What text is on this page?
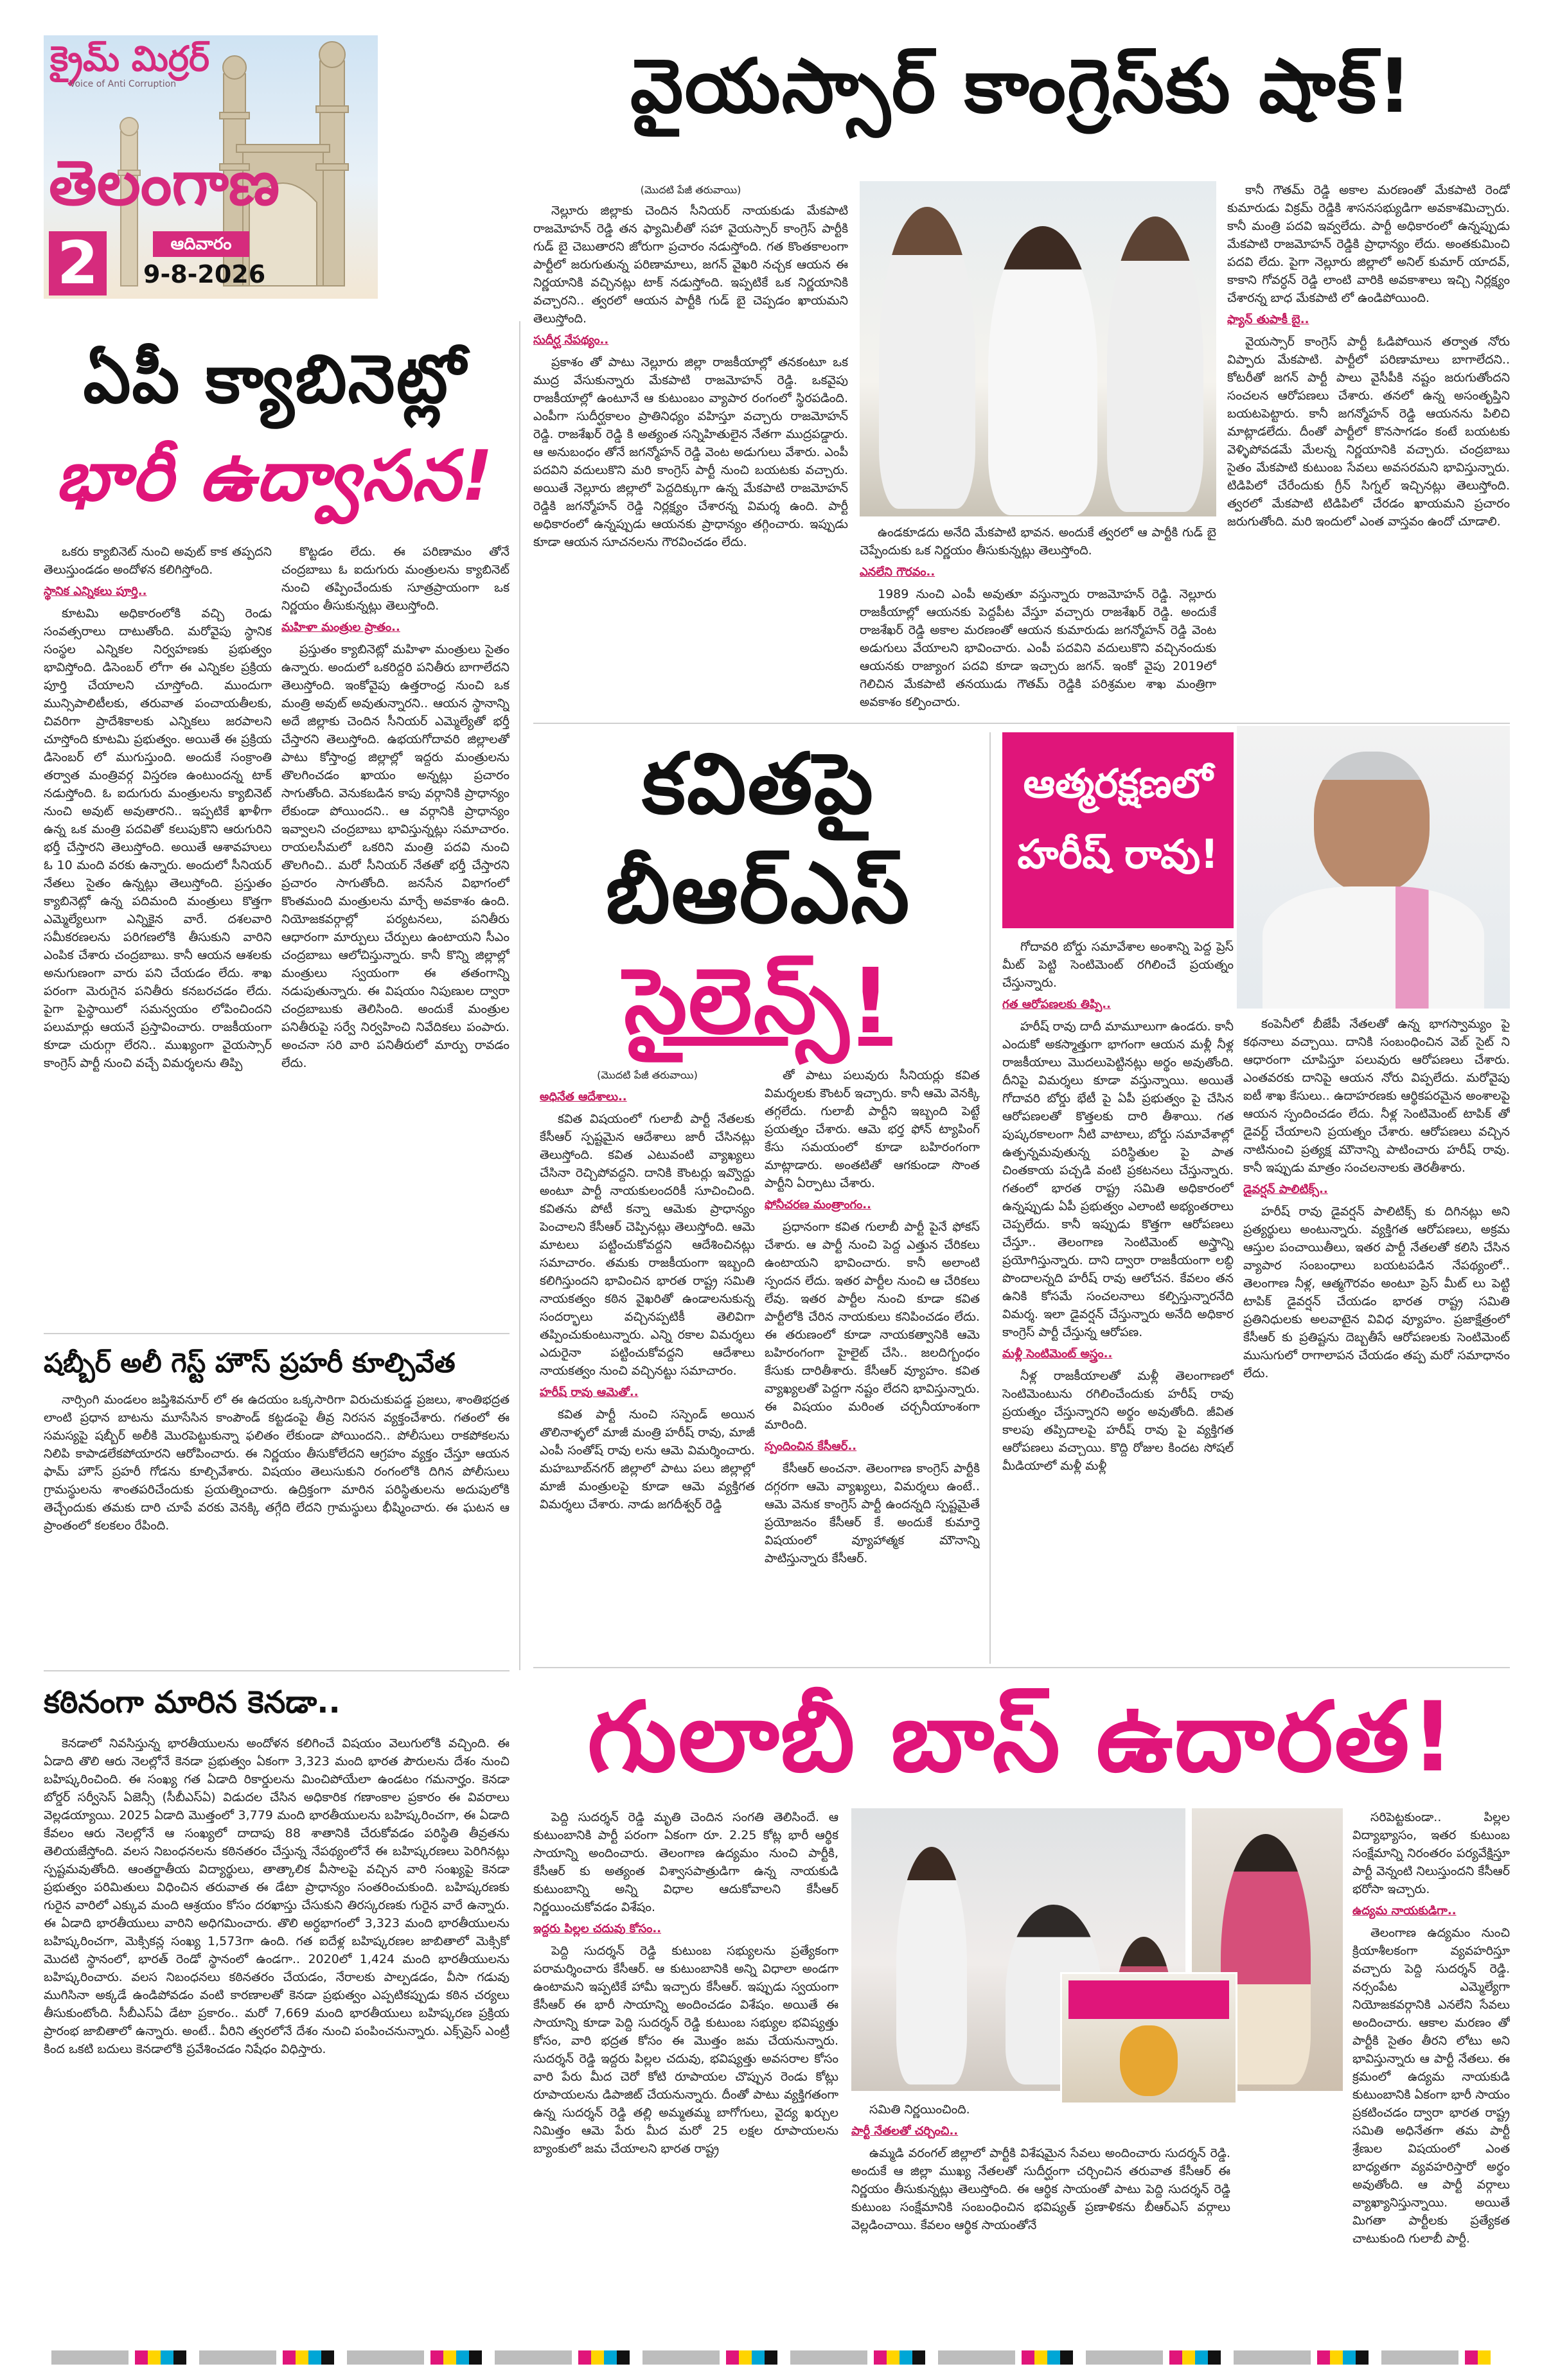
క్రైమ్ మిర్రర్
Voice of Anti Corruption
తెలంగాణ
2	ఆదివారం
9-8-2026
వైయస్సార్ కాంగ్రెస్‌కు షాక్!

(మొదటి పేజీ తరువాయి)

నెల్లూరు జిల్లాకు చెందిన సీనియర్ నాయకుడు మేకపాటి రాజమోహన్ రెడ్డి తన ఫ్యామిలీతో సహా వైయస్సార్ కాంగ్రెస్ పార్టీకి గుడ్ బై చెబుతారని జోరుగా ప్రచారం నడుస్తోంది. గత కొంతకాలంగా పార్టీలో జరుగుతున్న పరిణామాలు, జగన్ వైఖరి నచ్చక ఆయన ఈ నిర్ణయానికి వచ్చినట్లు టాక్ నడుస్తోంది. ఇప్పటికే ఒక నిర్ణయానికి వచ్చారని.. త్వరలో ఆయన పార్టీకి గుడ్ బై చెప్పడం ఖాయమని తెలుస్తోంది.

సుదీర్ఘ నేపథ్యం..

ప్రకాశం తో పాటు నెల్లూరు జిల్లా రాజకీయాల్లో తనకంటూ ఒక ముద్ర వేసుకున్నారు మేకపాటి రాజమోహన్ రెడ్డి. ఒకవైపు రాజకీయాల్లో ఉంటూనే ఆ కుటుంబం వ్యాపార రంగంలో స్థిరపడింది. ఎంపీగా సుదీర్ఘకాలం ప్రాతినిధ్యం వహిస్తూ వచ్చారు రాజమోహన్ రెడ్డి. రాజశేఖర్ రెడ్డి కి అత్యంత సన్నిహితులైన నేతగా ముద్రపడ్డారు. ఆ అనుబంధం తోనే జగన్మోహన్ రెడ్డి వెంట అడుగులు వేశారు. ఎంపీ పదవిని వదులుకొని మరి కాంగ్రెస్ పార్టీ నుంచి బయటకు వచ్చారు. అయితే నెల్లూరు జిల్లాలో పెద్దదిక్కుగా ఉన్న మేకపాటి రాజమోహన్ రెడ్డికి జగన్మోహన్ రెడ్డి నిర్లక్ష్యం చేశారన్న విమర్శ ఉంది. పార్టీ అధికారంలో ఉన్నప్పుడు ఆయనకు ప్రాధాన్యం తగ్గించారు. ఇప్పుడు కూడా ఆయన సూచనలను గౌరవించడం లేదు.

ఉండకూడదు అనేది మేకపాటి భావన. అందుకే త్వరలో ఆ పార్టీకి గుడ్ బై చెప్పేందుకు ఒక నిర్ణయం తీసుకున్నట్లు తెలుస్తోంది.

ఎనలేని గౌరవం..

1989 నుంచి ఎంపీ అవుతూ వస్తున్నారు రాజమోహన్ రెడ్డి. నెల్లూరు రాజకీయాల్లో ఆయనకు పెద్దపీట వేస్తూ వచ్చారు రాజశేఖర్ రెడ్డి. అందుకే రాజశేఖర్ రెడ్డి అకాల మరణంతో ఆయన కుమారుడు జగన్మోహన్ రెడ్డి వెంట అడుగులు వేయాలని భావించారు. ఎంపీ పదవిని వదులుకొని వచ్చినందుకు ఆయనకు రాజ్యాంగ పదవి కూడా ఇచ్చారు జగన్. ఇంకో వైపు 2019లో గెలిచిన మేకపాటి తనయుడు గౌతమ్ రెడ్డికి పరిశ్రమల శాఖ మంత్రిగా అవకాశం కల్పించారు.

కానీ గౌతమ్ రెడ్డి అకాల మరణంతో మేకపాటి రెండో కుమారుడు విక్రమ్ రెడ్డికి శాసనసభ్యుడిగా అవకాశమిచ్చారు. కానీ మంత్రి పదవి ఇవ్వలేదు. పార్టీ అధికారంలో ఉన్నప్పుడు మేకపాటి రాజమోహన్ రెడ్డికి ప్రాధాన్యం లేదు. అంతకుమించి పదవి లేదు. పైగా నెల్లూరు జిల్లాలో అనిల్ కుమార్ యాదవ్, కాకాని గోవర్ధన్ రెడ్డి లాంటి వారికి అవకాశాలు ఇచ్చి నిర్లక్ష్యం చేశారన్న బాధ మేకపాటి లో ఉండిపోయింది.

ఫ్యాన్ తుపాకీ బై..

వైయస్సార్ కాంగ్రెస్ పార్టీ ఓడిపోయిన తర్వాత నోరు విప్పారు మేకపాటి. పార్టీలో పరిణామాలు బాగాలేదని.. కోటరీతో జగన్ పార్టీ పాలు వైసీపీకి నష్టం జరుగుతోందని సంచలన ఆరోపణలు చేశారు. తనలో ఉన్న అసంతృప్తిని బయటపెట్టారు. కానీ జగన్మోహన్ రెడ్డి ఆయనను పిలిచి మాట్లాడలేదు. దీంతో పార్టీలో కొనసాగడం కంటే బయటకు వెళ్ళిపోవడమే మేలన్న నిర్ణయానికి వచ్చారు. చంద్రబాబు సైతం మేకపాటి కుటుంబ సేవలు అవసరమని భావిస్తున్నారు. టిడిపిలో చేరేందుకు గ్రీన్ సిగ్నల్ ఇచ్చినట్లు తెలుస్తోంది. త్వరలో మేకపాటి టిడిపిలో చేరడం ఖాయమని ప్రచారం జరుగుతోంది. మరి ఇందులో ఎంత వాస్తవం ఉందో చూడాలి.

ఏపీ క్యాబినెట్లో
భారీ ఉద్వాసన!

ఒకరు క్యాబినెట్ నుంచి అవుట్ కాక తప్పదని తెలుస్తుండడం అందోళన కలిగిస్తోంది.

స్థానిక ఎన్నికలు పూర్తి..

కూటమి అధికారంలోకి వచ్చి రెండు సంవత్సరాలు దాటుతోంది. మరోవైపు స్థానిక సంస్థల ఎన్నికల నిర్వహణకు ప్రభుత్వం భావిస్తోంది. డిసెంబర్ లోగా ఈ ఎన్నికల ప్రక్రియ పూర్తి చేయాలని చూస్తోంది. ముందుగా మున్సిపాలిటీలకు, తరువాత పంచాయతీలకు, చివరిగా ప్రాదేశికాలకు ఎన్నికలు జరపాలని చూస్తోంది కూటమి ప్రభుత్వం. అయితే ఈ ప్రక్రియ డిసెంబర్ లో ముగుస్తుంది. అందుకే సంక్రాంతి తర్వాత మంత్రివర్గ విస్తరణ ఉంటుందన్న టాక్ నడుస్తోంది. ఓ ఐదుగురు మంత్రులను క్యాబినెట్ నుంచి అవుట్ అవుతారని.. ఇప్పటికే ఖాళీగా ఉన్న ఒక మంత్రి పదవితో కలుపుకొని ఆరుగురిని భర్తీ చేస్తారని తెలుస్తోంది. అయితే ఆశావహులు ఓ 10 మంది వరకు ఉన్నారు. అందులో సీనియర్ నేతలు సైతం ఉన్నట్లు తెలుస్తోంది. ప్రస్తుతం క్యాబినెట్లో ఉన్న పదిమంది మంత్రులు కొత్తగా ఎమ్మెల్యేలుగా ఎన్నికైన వారే. దశలవారి సమీకరణలను పరిగణలోకి తీసుకుని వారిని ఎంపిక చేశారు చంద్రబాబు. కానీ ఆయన ఆశలకు అనుగుణంగా వారు పని చేయడం లేదు. శాఖ పరంగా మెరుగైన పనితీరు కనబరచడం లేదు. పైగా పైస్థాయిలో సమన్వయం లోపించిందని పలుమార్లు ఆయనే ప్రస్తావించారు. రాజకీయంగా కూడా చురుగ్గా లేరని.. ముఖ్యంగా వైయస్సార్ కాంగ్రెస్ పార్టీ నుంచి వచ్చే విమర్శలను తిప్పి

కొట్టడం లేదు. ఈ పరిణామం తోనే చంద్రబాబు ఓ ఐదుగురు మంత్రులను క్యాబినెట్ నుంచి తప్పించేందుకు సూత్రప్రాయంగా ఒక నిర్ణయం తీసుకున్నట్లు తెలుస్తోంది.

మహిళా మంత్రుల ప్రాతం..

ప్రస్తుతం క్యాబినెట్లో మహిళా మంత్రులు సైతం ఉన్నారు. అందులో ఒకరిద్దరి పనితీరు బాగాలేదని తెలుస్తోంది. ఇంకోవైపు ఉత్తరాంధ్ర నుంచి ఒక మంత్రి అవుట్ అవుతున్నారని.. ఆయన స్థానాన్ని అదే జిల్లాకు చెందిన సీనియర్ ఎమ్మెల్యేతో భర్తీ చేస్తారని తెలుస్తోంది. ఉభయగోదావరి జిల్లాలతో పాటు కోస్తాంధ్ర జిల్లాల్లో ఇద్దరు మంత్రులను తొలగించడం ఖాయం అన్నట్లు ప్రచారం సాగుతోంది. వెనుకబడిన కాపు వర్గానికి ప్రాధాన్యం లేకుండా పోయిందని.. ఆ వర్గానికి ప్రాధాన్యం ఇవ్వాలని చంద్రబాబు భావిస్తున్నట్లు సమాచారం. రాయలసీమలో ఒకరిని మంత్రి పదవి నుంచి తొలగించి.. మరో సీనియర్ నేతతో భర్తీ చేస్తారని ప్రచారం సాగుతోంది. జనసేన విభాగంలో కొంతమంది మంత్రులను మార్చే అవకాశం ఉంది. నియోజకవర్గాల్లో పర్యటనలు, పనితీరు ఆధారంగా మార్పులు చేర్పులు ఉంటాయని సీఎం చంద్రబాబు ఆలోచిస్తున్నారు. కానీ కొన్ని జిల్లాల్లో మంత్రులు స్వయంగా ఈ తతంగాన్ని నడుపుతున్నారు. ఈ విషయం నిపుణుల ద్వారా చంద్రబాబుకు తెలిసింది. అందుకే మంత్రుల పనితీరుపై సర్వే నిర్వహించి నివేదికలు పంపారు. అంచనా సరి వారి పనితీరులో మార్పు రావడం లేదు.

షబ్బీర్ అలీ గెస్ట్ హౌస్ ప్రహరీ కూల్చివేత

నార్సింగి మండలం జప్తిశివనూర్ లో ఈ ఉదయం ఒక్కసారిగా విరుచుకుపడ్డ ప్రజలు, శాంతిభద్రత లాంటి ప్రధాన బాటను మూసేసిన కాంపౌండ్ కట్టడంపై తీవ్ర నిరసన వ్యక్తంచేశారు. గతంలో ఈ సమస్యపై షబ్బీర్ అలీకి మొరపెట్టుకున్నా ఫలితం లేకుండా పోయిందని.. పోలీసులు రాకపోకలను నిలిపి కాపాడలేకపోయారని ఆరోపించారు. ఈ నిర్ణయం తీసుకోలేదని ఆగ్రహం వ్యక్తం చేస్తూ ఆయన ఫామ్ హౌస్ ప్రహరీ గోడను కూల్చివేశారు. విషయం తెలుసుకుని రంగంలోకి దిగిన పోలీసులు గ్రామస్థులను శాంతపరిచేందుకు ప్రయత్నించారు. ఉద్రిక్తంగా మారిన పరిస్థితులను అదుపులోకి తెచ్చేందుకు తమకు దారి చూపే వరకు వెనక్కి తగ్గేది లేదని గ్రామస్థులు భీష్మించారు. ఈ ఘటన ఆ ప్రాంతంలో కలకలం రేపింది.

కఠినంగా మారిన కెనడా..

కెనడాలో నివసిస్తున్న భారతీయులను అందోళన కలిగించే విషయం వెలుగులోకి వచ్చింది. ఈ ఏడాది తొలి ఆరు నెలల్లోనే కెనడా ప్రభుత్వం ఏకంగా 3,323 మంది భారత పౌరులను దేశం నుంచి బహిష్కరించింది. ఈ సంఖ్య గత ఏడాది రికార్డులను మించిపోయేలా ఉండటం గమనార్హం. కెనడా బోర్డర్ సర్వీసెస్ ఏజెన్సీ (సీబీఎస్ఏ) విడుదల చేసిన అధికారిక గణాంకాల ప్రకారం ఈ వివరాలు వెల్లడయ్యాయి. 2025 ఏడాది మొత్తంలో 3,779 మంది భారతీయులను బహిష్కరించగా, ఈ ఏడాది కేవలం ఆరు నెలల్లోనే ఆ సంఖ్యలో దాదాపు 88 శాతానికి చేరుకోవడం పరిస్థితి తీవ్రతను తెలియజేస్తోంది. వలస నిబంధనలను కఠినతరం చేస్తున్న నేపథ్యంలోనే ఈ బహిష్కరణలు పెరిగినట్లు స్పష్టమవుతోంది. ఆంతర్జాతీయ విద్యార్థులు, తాత్కాలిక వీసాలపై వచ్చిన వారి సంఖ్యపై కెనడా ప్రభుత్వం పరిమితులు విధించిన తరువాత ఈ డేటా ప్రాధాన్యం సంతరించుకుంది. బహిష్కరణకు గురైన వారిలో ఎక్కువ మంది ఆశ్రయం కోసం దరఖాస్తు చేసుకుని తిరస్కరణకు గురైన వారే ఉన్నారు. ఈ ఏడాది భారతీయులు వారిని అధిగమించారు. తొలి అర్ధభాగంలో 3,323 మంది భారతీయులను బహిష్కరించగా, మెక్సికన్ల సంఖ్య 1,573గా ఉంది. గత ఐదేళ్ల బహిష్కరణల జాబితాలో మెక్సికో మొదటి స్థానంలో, భారత్ రెండో స్థానంలో ఉండగా.. 2020లో 1,424 మంది భారతీయులను బహిష్కరించారు. వలస నిబంధనలు కఠినతరం చేయడం, నేరాలకు పాల్పడడం, వీసా గడువు ముగిసినా అక్కడే ఉండిపోవడం వంటి కారణాలతో కెనడా ప్రభుత్వం ఎప్పటికప్పుడు కఠిన చర్యలు తీసుకుంటోంది. సీబీఎస్ఏ డేటా ప్రకారం.. మరో 7,669 మంది భారతీయులు బహిష్కరణ ప్రక్రియ ప్రారంభ జాబితాలో ఉన్నారు. అంటే.. వీరిని త్వరలోనే దేశం నుంచి పంపించనున్నారు. ఎక్స్‌ప్రెస్ ఎంట్రీ కింద ఒకటి బదులు కెనడాలోకి ప్రవేశించడం నిషేధం విధిస్తారు.

కవితపై
బీఆర్ఎస్
సైలెన్స్!

(మొదటి పేజీ తరువాయి)

అధినేత ఆదేశాలు..

కవిత విషయంలో గులాబీ పార్టీ నేతలకు కేసీఆర్ స్పష్టమైన ఆదేశాలు జారీ చేసినట్లు తెలుస్తోంది. కవిత ఎటువంటి వ్యాఖ్యలు చేసినా రెచ్చిపోవద్దని. దానికి కౌంటర్లు ఇవ్వొద్దు అంటూ పార్టీ నాయకులందరికీ సూచించింది. కవితను పోటీ కన్నా ఆమెకు ప్రాధాన్యం పెంచాలని కేసీఆర్ చెప్పినట్లు తెలుస్తోంది. ఆమె మాటలు పట్టించుకోవద్దని ఆదేశించినట్లు సమాచారం. తమకు రాజకీయంగా ఇబ్బంది కలిగిస్తుందని భావించిన భారత రాష్ట్ర సమితి నాయకత్వం కఠిన వైఖరితో ఉండాలనుకున్న సందర్భాలు వచ్చినప్పటికీ తెలివిగా తప్పించుకుంటున్నారు. ఎన్ని రకాల విమర్శలు ఎదురైనా పట్టించుకోవద్దని ఆదేశాలు నాయకత్వం నుంచి వచ్చినట్టు సమాచారం.

హరీష్ రావు ఆమెతో..

కవిత పార్టీ నుంచి సస్పెండ్ అయిన తొలినాళ్ళలో మాజీ మంత్రి హరీష్ రావు, మాజీ ఎంపీ సంతోష్ రావు లను ఆమె విమర్శించారు. మహబూబ్‌నగర్ జిల్లాలో పాటు పలు జిల్లాల్లో మాజీ మంత్రులపై కూడా ఆమె వ్యక్తిగత విమర్శలు చేశారు. నాడు జగదీశ్వర్ రెడ్డి

తో పాటు పలువురు సీనియర్లు కవిత విమర్శలకు కౌంటర్ ఇచ్చారు. కానీ ఆమె వెనక్కి తగ్గలేదు. గులాబీ పార్టీని ఇబ్బంది పెట్టే ప్రయత్నం చేశారు. ఆమె భర్త ఫోన్ ట్యాపింగ్ కేసు సమయంలో కూడా బహిరంగంగా మాట్లాడారు. అంతటితో ఆగకుండా సొంత పార్టీని ఏర్పాటు చేశారు.

ఫోనీచరణ మంత్రాంగం..

ప్రధానంగా కవిత గులాబీ పార్టీ పైనే ఫోకస్ చేశారు. ఆ పార్టీ నుంచి పెద్ద ఎత్తున చేరికలు ఉంటాయని భావించారు. కానీ అలాంటి స్పందన లేదు. ఇతర పార్టీల నుంచి ఆ చేరికలు లేవు. ఇతర పార్టీల నుంచి కూడా కవిత పార్టీలోకి చేరిన నాయకులు కనిపించడం లేదు. ఈ తరుణంలో కూడా నాయకత్వానికి ఆమె బహిరంగంగా హైలైట్ చేసి.. జలదిగ్బంధం కేసుకు దారితీశారు. కేసీఆర్ వ్యూహం. కవిత వ్యాఖ్యలతో పెద్దగా నష్టం లేదని భావిస్తున్నారు. ఈ విషయం మరింత చర్చనీయాంశంగా మారింది.

స్పందించిన కేసీఆర్..

కేసీఆర్ అంచనా. తెలంగాణ కాంగ్రెస్ పార్టీకి దగ్గరగా ఆమె వ్యాఖ్యలు, విమర్శలు ఉంటే.. ఆమె వెనుక కాంగ్రెస్ పార్టీ ఉందన్నది స్పష్టమైతే ప్రయోజనం కేసీఆర్ కే. అందుకే కుమార్తె విషయంలో వ్యూహాత్మక మౌనాన్ని పాటిస్తున్నారు కేసీఆర్.

ఆత్మరక్షణలో
హరీష్ రావు!

గోదావరి బోర్డు సమావేశాల అంశాన్ని పెద్ద ప్రెస్ మీట్ పెట్టి సెంటిమెంట్ రగిలించే ప్రయత్నం చేస్తున్నారు.

గత ఆరోపణలకు తిప్పి..

హరీష్ రావు దాదీ మామూలుగా ఉండరు. కానీ ఎందుకో అకస్మాత్తుగా భాగంగా ఆయన మళ్లీ నీళ్ల రాజకీయాలు మొదలుపెట్టినట్లు అర్థం అవుతోంది. దీనిపై విమర్శలు కూడా వస్తున్నాయి. అయితే గోదావరి బోర్డు భేటీ పై ఏపీ ప్రభుత్వం పై చేసిన ఆరోపణలతో కొత్తలకు దారి తీశాయి. గత పుష్కరకాలంగా నీటి వాటాలు, బోర్డు సమావేశాల్లో ఉత్పన్నమవుతున్న పరిస్థితుల పై పాత చింతకాయ పచ్చడి వంటి ప్రకటనలు చేస్తున్నారు. గతంలో భారత రాష్ట్ర సమితి అధికారంలో ఉన్నప్పుడు ఏపీ ప్రభుత్వం ఎలాంటి అభ్యంతరాలు చెప్పలేదు. కానీ ఇప్పుడు కొత్తగా ఆరోపణలు చేస్తూ.. తెలంగాణ సెంటిమెంట్ అస్త్రాన్ని ప్రయోగిస్తున్నారు. దాని ద్వారా రాజకీయంగా లబ్ధి పొందాలన్నది హరీష్ రావు ఆలోచన. కేవలం తన ఉనికి కోసమే సంచలనాలు కల్పిస్తున్నారనేది విమర్శ. ఇలా డైవర్షన్ చేస్తున్నారు అనేది అధికార కాంగ్రెస్ పార్టీ చేస్తున్న ఆరోపణ.

మళ్లీ సెంటిమెంట్ అస్త్రం..

నీళ్ల రాజకీయాలతో మళ్లీ తెలంగాణలో సెంటిమెంటును రగిలించేందుకు హరీష్ రావు ప్రయత్నం చేస్తున్నారని అర్థం అవుతోంది. జీవిత కాలపు తప్పిదాలపై హరీష్ రావు పై వ్యక్తిగత ఆరోపణలు వచ్చాయి. కొద్ది రోజుల కిందట సోషల్ మీడియాలో మళ్లీ మళ్లీ

కంపెనీలో బీజేపీ నేతలతో ఉన్న భాగస్వామ్యం పై కథనాలు వచ్చాయి. దానికి సంబంధించిన వెబ్ సైట్ ని ఆధారంగా చూపిస్తూ పలువురు ఆరోపణలు చేశారు. ఎంతవరకు దానిపై ఆయన నోరు విప్పలేదు. మరోవైపు ఐటీ శాఖ కేసులు.. ఉదాహరణకు ఆర్థికపరమైన అంశాలపై ఆయన స్పందించడం లేదు. నీళ్ల సెంటిమెంట్ టాపిక్ తో డైవర్ట్ చేయాలని ప్రయత్నం చేశారు. ఆరోపణలు వచ్చిన నాటినుంచి ప్రత్యక్ష మౌనాన్ని పాటించారు హరీష్ రావు. కానీ ఇప్పుడు మాత్రం సంచలనాలకు తెరతీశారు.

డైవర్షన్ పాలిటిక్స్..

హరీష్ రావు డైవర్షన్ పాలిటిక్స్ కు దిగినట్లు అని ప్రత్యర్థులు అంటున్నారు. వ్యక్తిగత ఆరోపణలు, అక్రమ ఆస్తుల పంచాయితీలు, ఇతర పార్టీ నేతలతో కలిసి చేసిన వ్యాపార సంబంధాలు బయటపడిన నేపథ్యంలో.. తెలంగాణ నీళ్ల, ఆత్మగౌరవం అంటూ ప్రెస్ మీట్ లు పెట్టి టాపిక్ డైవర్షన్ చేయడం భారత రాష్ట్ర సమితి ప్రతినిధులకు అలవాటైన వివిధ వ్యూహం. ప్రజాక్షేత్రంలో కేసీఆర్ కు ప్రతిష్టను దెబ్బతీసే ఆరోపణలకు సెంటిమెంట్ ముసుగులో రాగాలాపన చేయడం తప్ప మరో సమాధానం లేదు.

గులాబీ బాస్ ఉదారత!

పెద్ది సుదర్శన్ రెడ్డి మృతి చెందిన సంగతి తెలిసిందే. ఆ కుటుంబానికి పార్టీ పరంగా ఏకంగా రూ. 2.25 కోట్ల భారీ ఆర్థిక సాయాన్ని అందించారు. తెలంగాణ ఉద్యమం నుంచి పార్టీకి, కేసీఆర్ కు అత్యంత విశ్వాసపాత్రుడిగా ఉన్న నాయకుడి కుటుంబాన్ని అన్ని విధాల ఆదుకోవాలని కేసీఆర్ నిర్ణయించుకోవడం విశేషం.

ఇద్దరు పిల్లల చదువు కోసం..

పెద్ది సుదర్శన్ రెడ్డి కుటుంబ సభ్యులను ప్రత్యేకంగా పరామర్శించారు కేసీఆర్. ఆ కుటుంబానికి అన్ని విధాలా అండగా ఉంటామని ఇప్పటికే హామీ ఇచ్చారు కేసీఆర్. ఇప్పుడు స్వయంగా కేసీఆర్ ఈ భారీ సాయాన్ని అందించడం విశేషం. అయితే ఈ సాయాన్ని కూడా పెద్ది సుదర్శన్ రెడ్డి కుటుంబ సభ్యుల భవిష్యత్తు కోసం, వారి భద్రత కోసం ఈ మొత్తం జమ చేయనున్నారు. సుదర్శన్ రెడ్డి ఇద్దరు పిల్లల చదువు, భవిష్యత్తు అవసరాల కోసం వారి పేరు మీద చెరో కోటి రూపాయల చొప్పున రెండు కోట్లు రూపాయలను డిపాజిట్ చేయనున్నారు. దీంతో పాటు వ్యక్తిగతంగా ఉన్న సుదర్శన్ రెడ్డి తల్లి అమ్మతమ్మ బాగోగులు, వైద్య ఖర్చుల నిమిత్తం ఆమె పేరు మీద మరో 25 లక్షల రూపాయలను బ్యాంకులో జమ చేయాలని భారత రాష్ట్ర

సమితి నిర్ణయించింది.

పార్టీ నేతలతో చర్చించి..

ఉమ్మడి వరంగల్ జిల్లాలో పార్టీకి విశేషమైన సేవలు అందించారు సుదర్శన్ రెడ్డి. అందుకే ఆ జిల్లా ముఖ్య నేతలతో సుదీర్ఘంగా చర్చించిన తరువాత కేసీఆర్ ఈ నిర్ణయం తీసుకున్నట్లు తెలుస్తోంది. ఈ ఆర్థిక సాయంతో పాటు పెద్ది సుదర్శన్ రెడ్డి కుటుంబ సంక్షేమానికి సంబంధించిన భవిష్యత్ ప్రణాళికను బీఆర్ఎస్ వర్గాలు వెల్లడించాయి. కేవలం ఆర్థిక సాయంతోనే

సరిపెట్టకుండా.. పిల్లల విద్యాభ్యాసం, ఇతర కుటుంబ సంక్షేమాన్ని నిరంతరం పర్యవేక్షిస్తూ పార్టీ వెన్నంటి నిలుస్తుందని కేసీఆర్ భరోసా ఇచ్చారు.

ఉద్యమ నాయకుడిగా..

తెలంగాణ ఉద్యమం నుంచి క్రియాశీలకంగా వ్యవహరిస్తూ వచ్చారు పెద్ది సుదర్శన్ రెడ్డి. నర్సంపేట ఎమ్మెల్యేగా నియోజకవర్గానికి ఎనలేని సేవలు అందించారు. ఆకాల మరణం తో పార్టీకి సైతం తీరని లోటు అని భావిస్తున్నారు ఆ పార్టీ నేతలు. ఈ క్రమంలో ఉద్యమ నాయకుడి కుటుంబానికి ఏకంగా భారీ సాయం ప్రకటించడం ద్వారా భారత రాష్ట్ర సమితి అధినేతగా తమ పార్టీ శ్రేణుల విషయంలో ఎంత బాధ్యతగా వ్యవహరిస్తారో అర్థం అవుతోంది. ఆ పార్టీ వర్గాలు వ్యాఖ్యానిస్తున్నాయి. అయితే మిగతా పార్టీలకు ప్రత్యేకత చాటుకుంది గులాబీ పార్టీ.
